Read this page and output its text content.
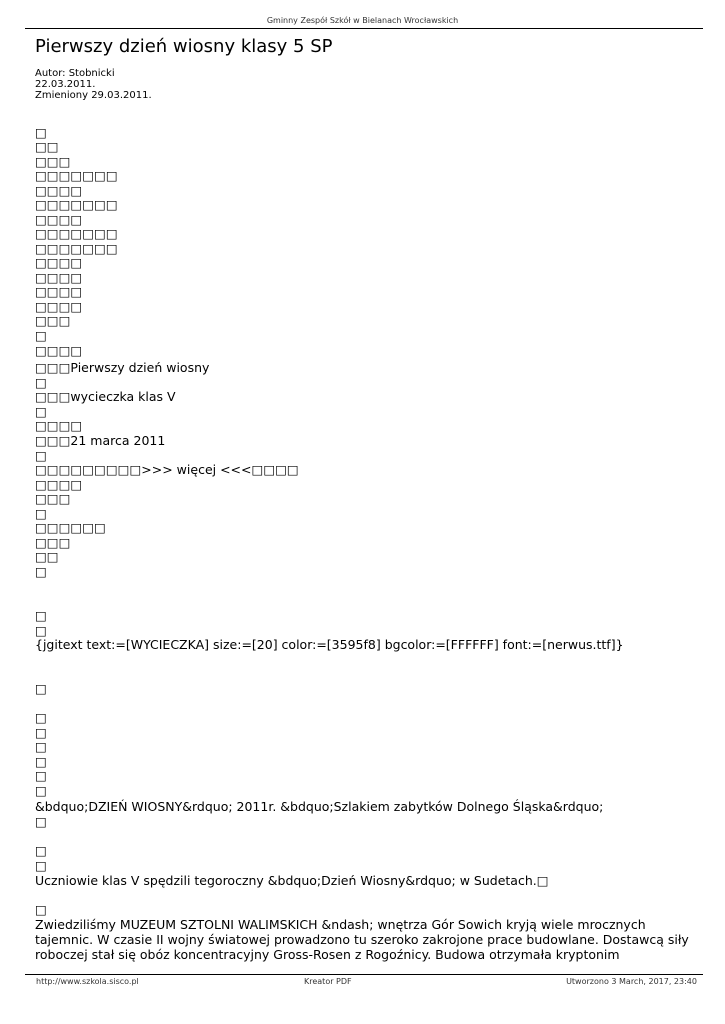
Gminny Zespół Szkół w Bielanach Wrocławskich
Pierwszy dzień wiosny klasy 5 SP
Autor: Stobnicki
22.03.2011.
Zmieniony 29.03.2011.
□
□□
□□□
□□□□□□□
□□□□
□□□□□□□
□□□□
□□□□□□□
□□□□□□□
□□□□
□□□□
□□□□
□□□□
□□□
□
□□□□
□□□Pierwszy dzień wiosny
□
□□□wycieczka klas V
□
□□□□
□□□21 marca 2011
□
□□□□□□□□□>>> więcej <<<□□□□
□□□□
□□□
□
□□□□□□
□□□
□□
□
□
□
{jgitext text:=[WYCIECZKA] size:=[20] color:=[3595f8] bgcolor:=[FFFFFF] font:=[nerwus.ttf]}
□
□
□
□
□
□
□
&bdquo;DZIEŃ WIOSNY&rdquo; 2011r. &bdquo;Szlakiem zabytków Dolnego Śląska&rdquo;
□
□
□
Uczniowie klas V spędzili tegoroczny &bdquo;Dzień Wiosny&rdquo; w Sudetach.□
□
Zwiedziliśmy MUZEUM SZTOLNI WALIMSKICH &ndash; wnętrza Gór Sowich kryją wiele mrocznych tajemnic. W czasie II wojny światowej prowadzono tu szeroko zakrojone prace budowlane. Dostawcą siły roboczej stał się obóz koncentracyjny Gross-Rosen z Rogoźnicy. Budowa otrzymała kryptonim
http://www.szkola.sisco.pl	Kreator PDF	Utworzono 3 March, 2017, 23:40
